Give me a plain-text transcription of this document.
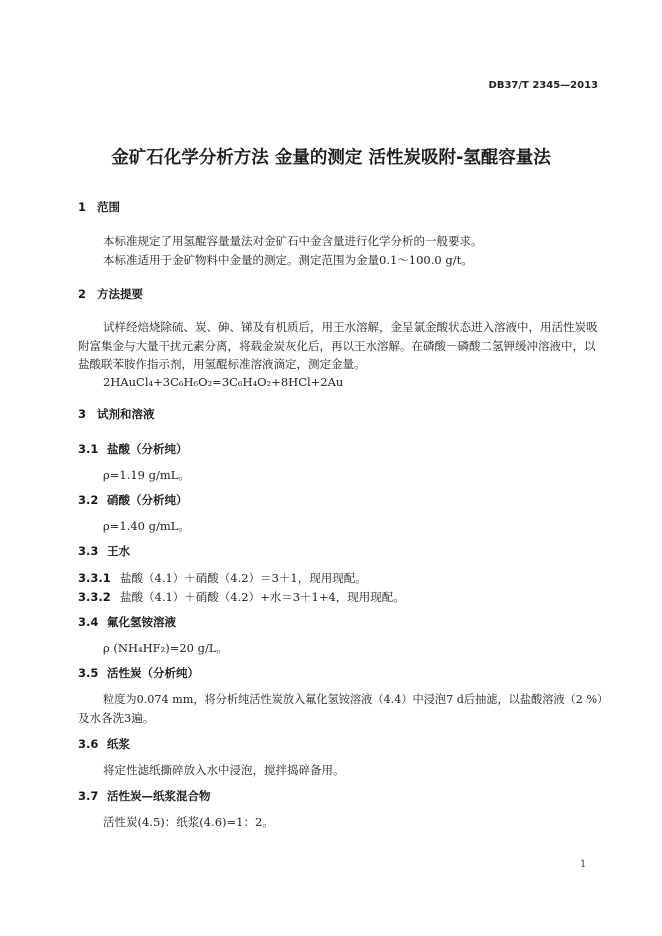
DB37/T 2345—2013
金矿石化学分析方法 金量的测定 活性炭吸附-氢醌容量法
1 范围
本标准规定了用氢醌容量量法对金矿石中金含量进行化学分析的一般要求。
本标准适用于金矿物料中金量的测定。测定范围为金量0.1～100.0 g/t。
2 方法提要
试样经焙烧除硫、炭、砷、锑及有机质后，用王水溶解，金呈氯金酸状态进入溶液中，用活性炭吸
附富集金与大量干扰元素分离，将载金炭灰化后，再以王水溶解。在磷酸－磷酸二氢钾缓冲溶液中，以
盐酸联苯胺作指示剂，用氢醌标准溶液滴定，测定金量。
2HAuCl₄+3C₆H₆O₂=3C₆H₄O₂+8HCl+2Au
3 试剂和溶液
3.1 盐酸（分析纯）
ρ=1.19 g/mL。
3.2 硝酸（分析纯）
ρ=1.40 g/mL。
3.3 王水
3.3.1 盐酸（4.1）＋硝酸（4.2）＝3＋1，现用现配。
3.3.2 盐酸（4.1）＋硝酸（4.2）+水＝3＋1+4，现用现配。
3.4 氟化氢铵溶液
ρ (NH₄HF₂)=20 g/L。
3.5 活性炭（分析纯）
粒度为0.074 mm，将分析纯活性炭放入氟化氢铵溶液（4.4）中浸泡7 d后抽滤，以盐酸溶液（2 %）
及水各洗3遍。
3.6 纸浆
将定性滤纸撕碎放入水中浸泡，搅拌捣碎备用。
3.7 活性炭—纸浆混合物
活性炭(4.5)：纸浆(4.6)=1：2。
1
